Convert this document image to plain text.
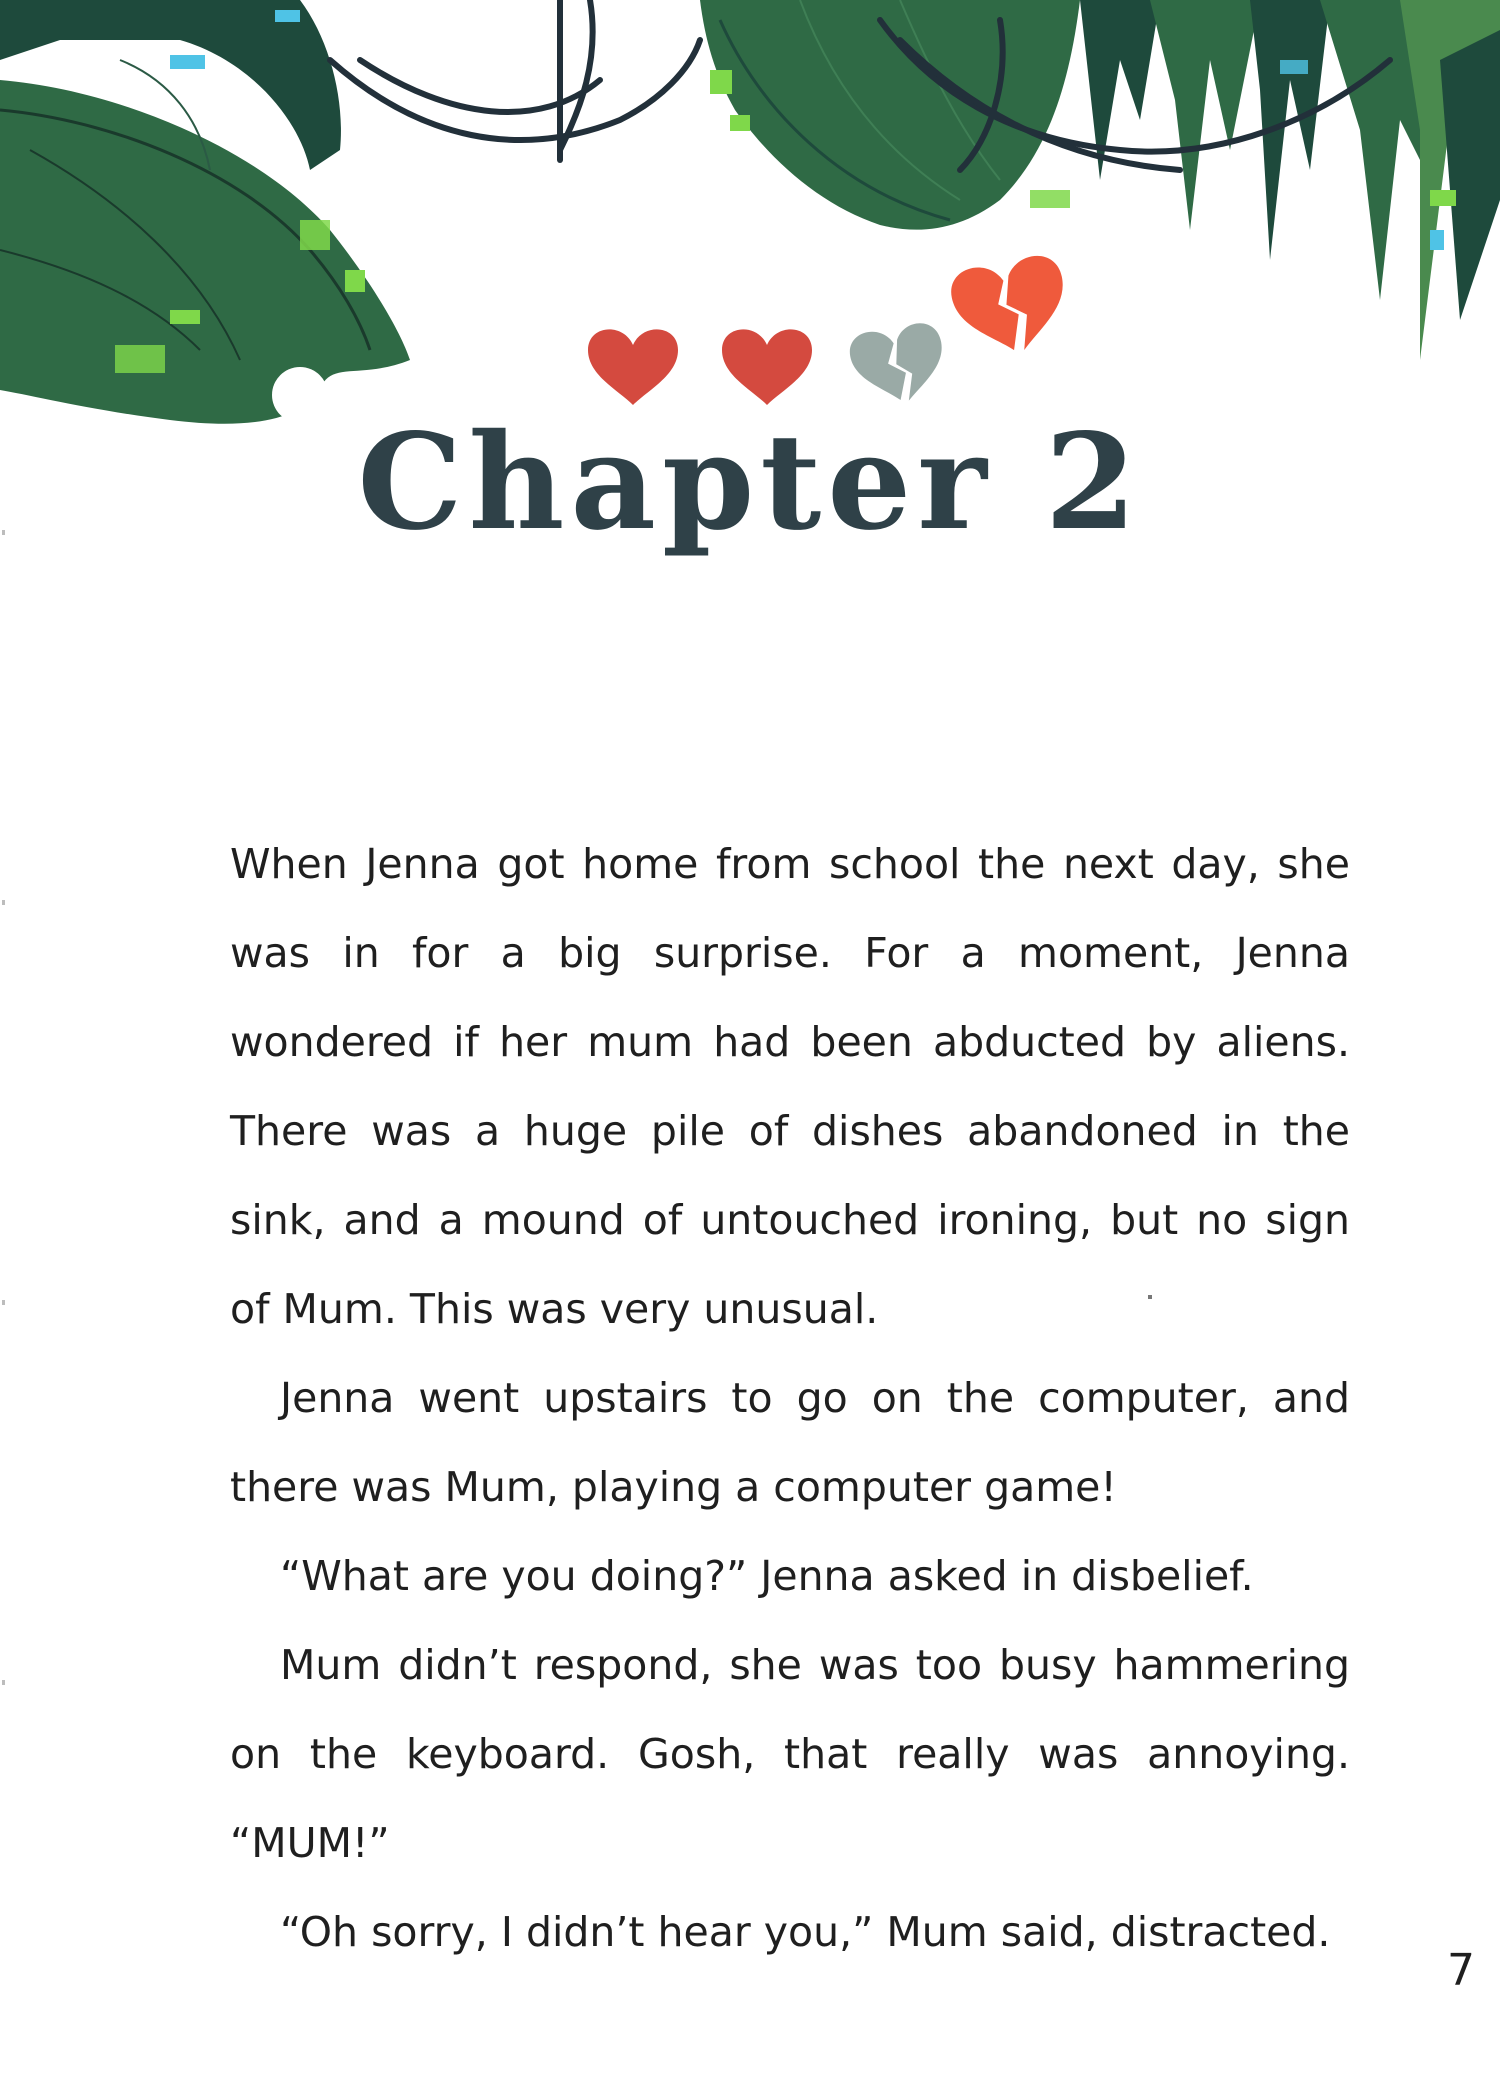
Chapter 2

When Jenna got home from school the next day, she was in for a big surprise. For a moment, Jenna wondered if her mum had been abducted by aliens. There was a huge pile of dishes abandoned in the sink, and a mound of untouched ironing, but no sign of Mum. This was very unusual.

Jenna went upstairs to go on the computer, and there was Mum, playing a computer game!

“What are you doing?” Jenna asked in disbelief.

Mum didn’t respond, she was too busy hammering on the keyboard. Gosh, that really was annoying. “MUM!”

“Oh sorry, I didn’t hear you,” Mum said, distracted.

7
